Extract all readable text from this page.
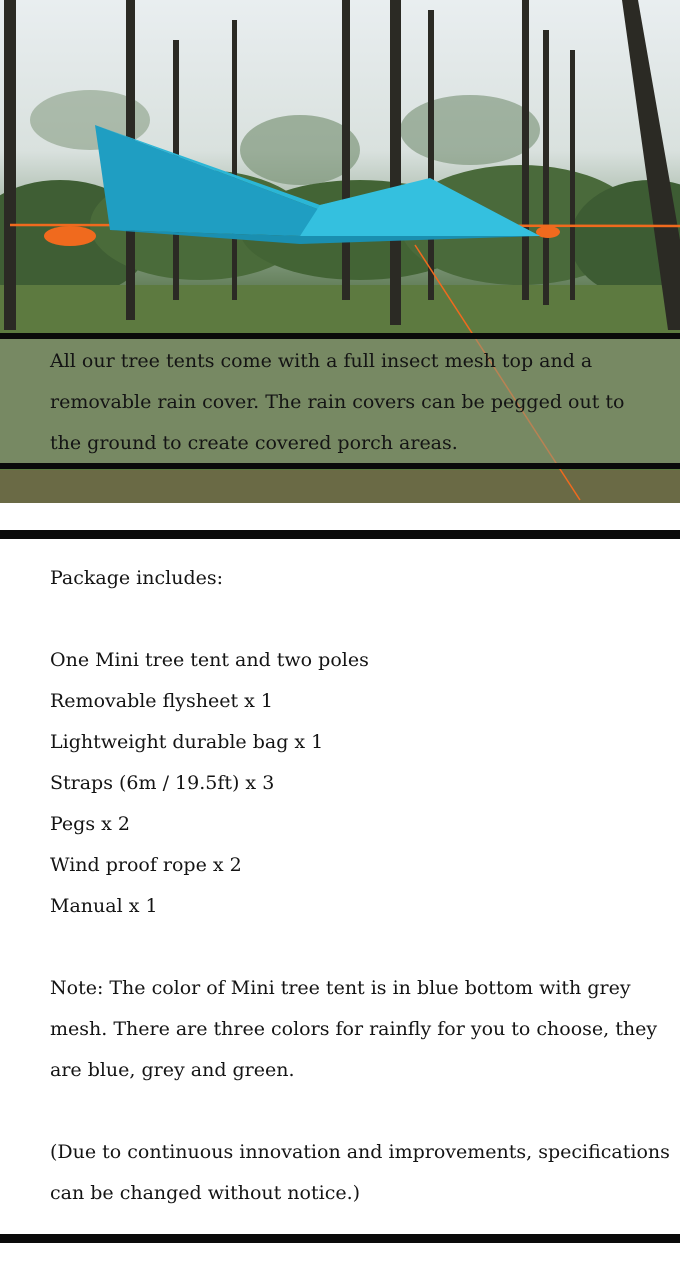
All our tree tents come with a full insect mesh top and a removable rain cover. The rain covers can be pegged out to the ground to create covered porch areas.

Package includes:

One Mini tree tent and two poles

Removable flysheet x 1

Lightweight durable bag x 1

Straps (6m / 19.5ft) x 3

Pegs x 2

Wind proof rope x 2

Manual x 1

Note: The color of Mini tree tent is in blue bottom with grey mesh. There are three colors for rainfly for you to choose, they are blue, grey and green.

(Due to continuous innovation and improvements, specifications can be changed without notice.)
